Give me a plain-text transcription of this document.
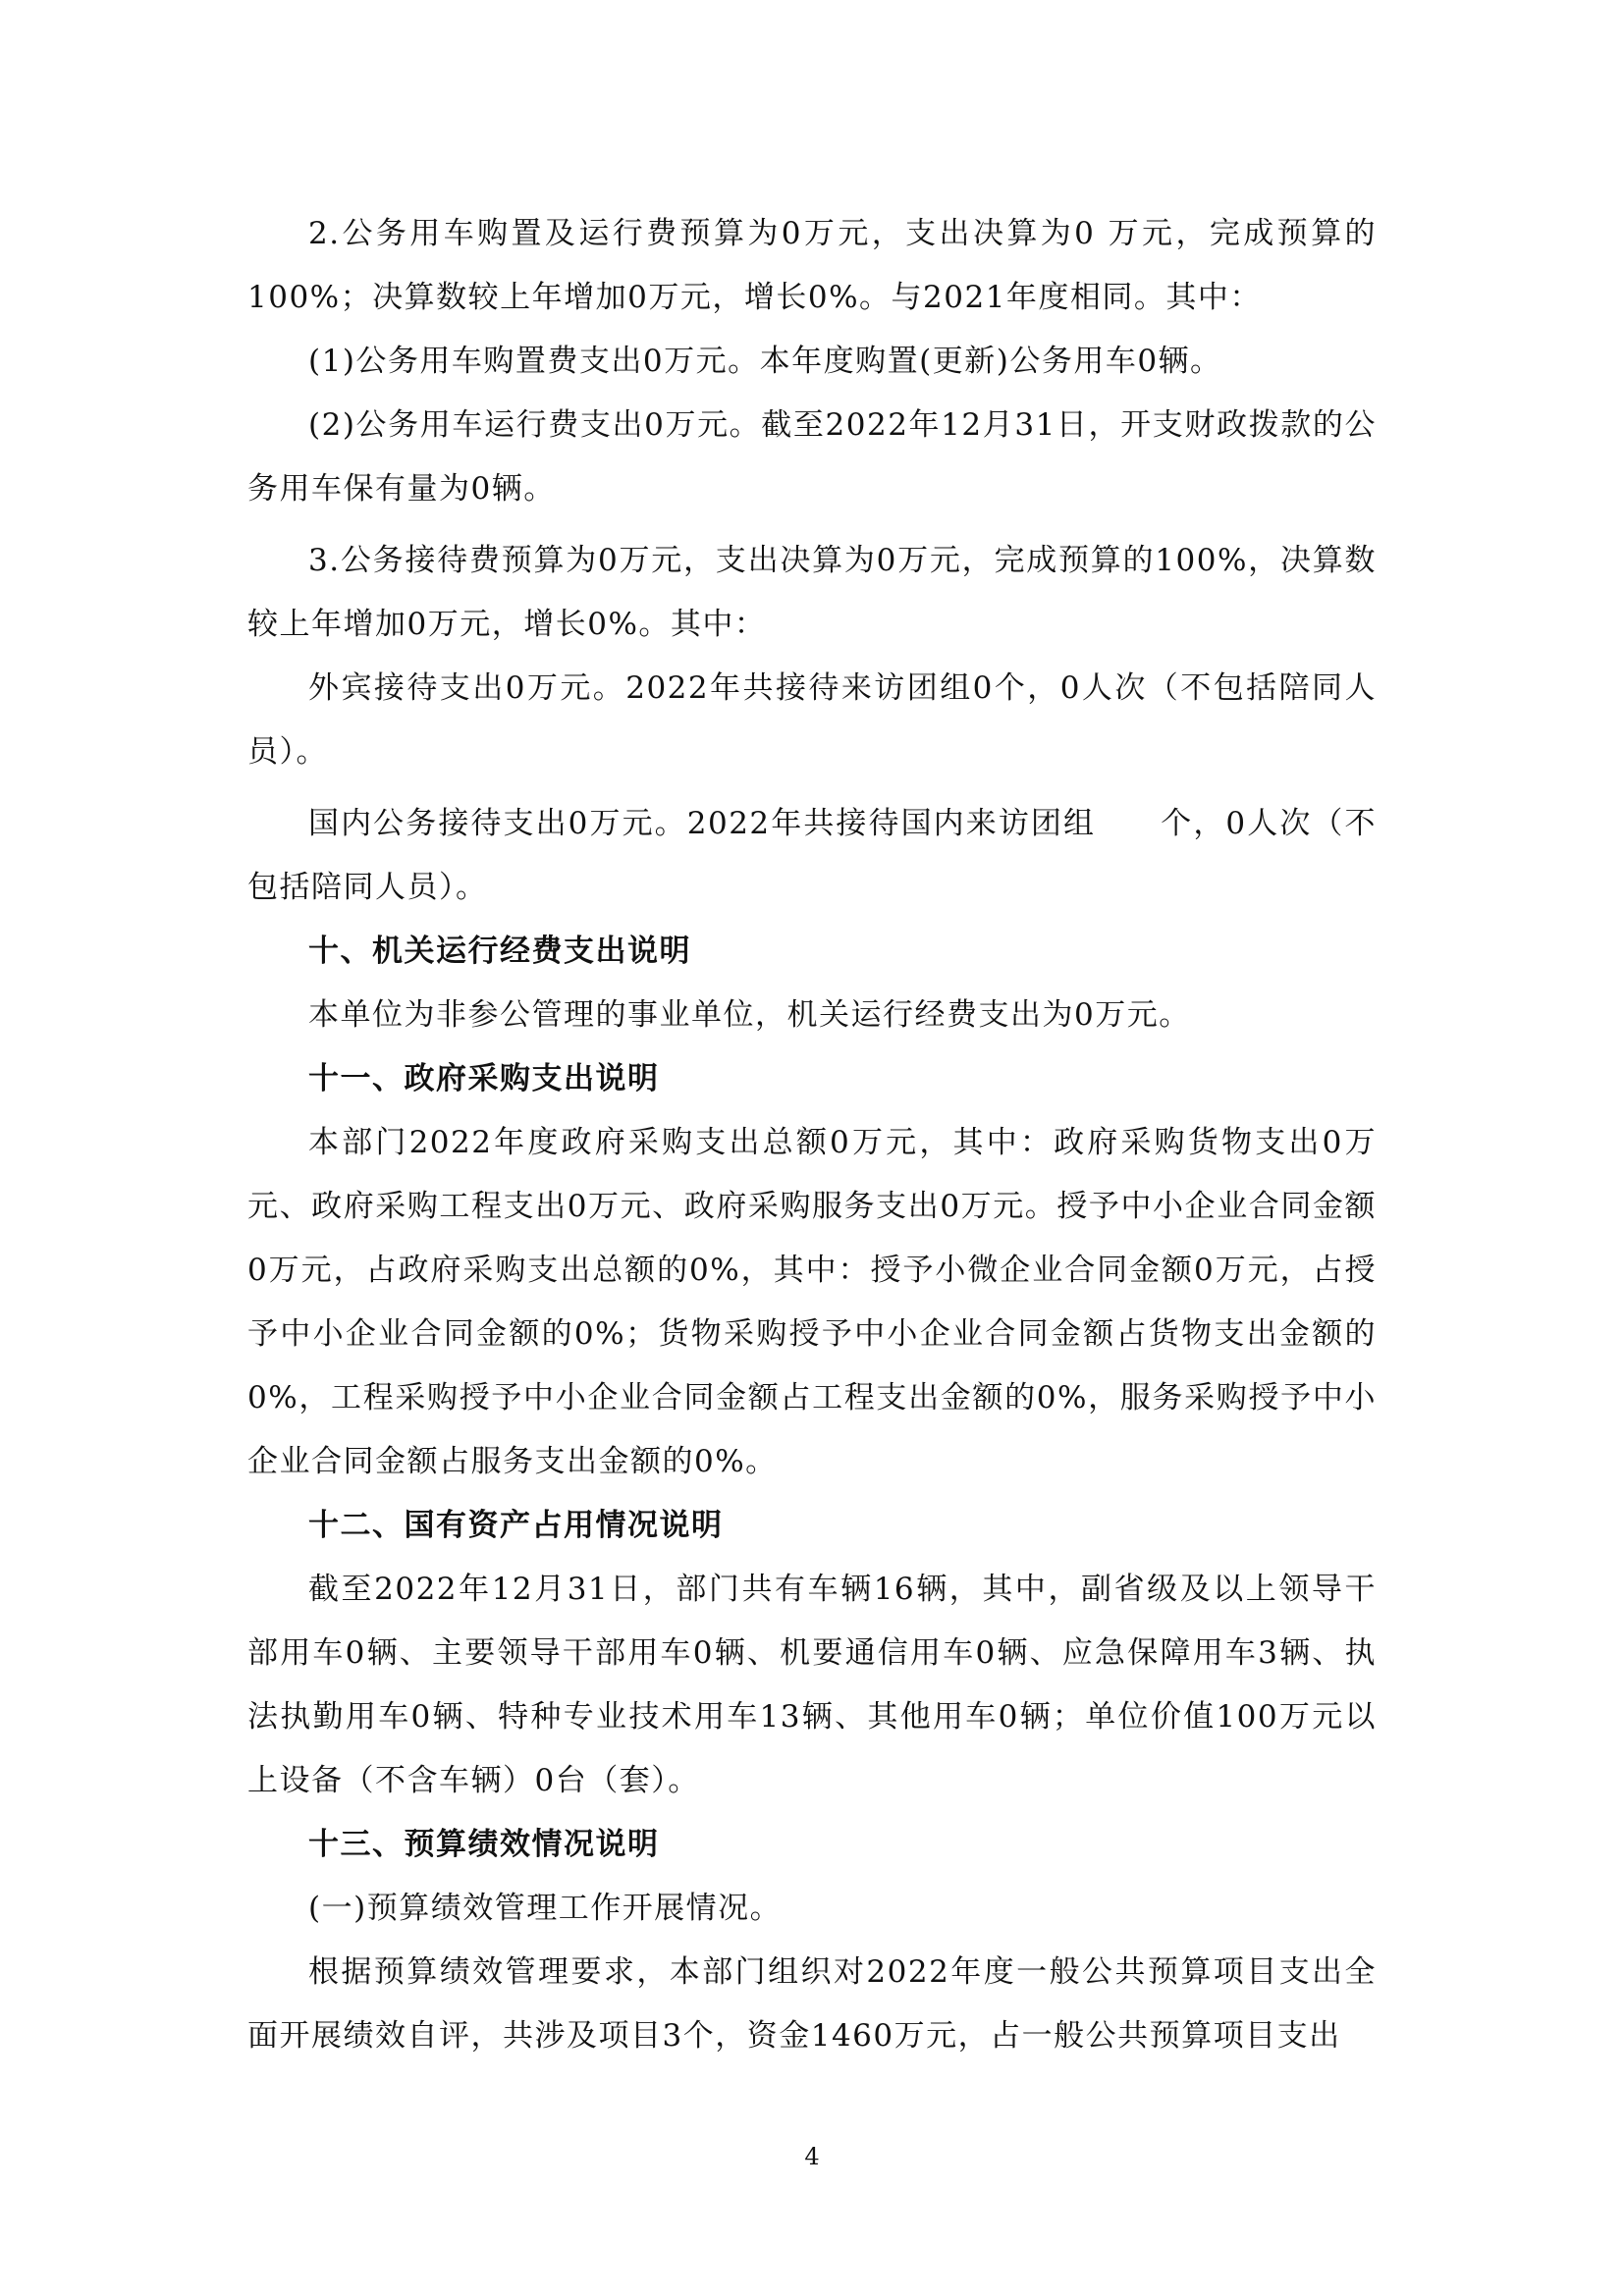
2.公务用车购置及运行费预算为0万元，支出决算为0 万元，完成预算的100%；决算数较上年增加0万元，增长0%。与2021年度相同。其中：

(1)公务用车购置费支出0万元。本年度购置(更新)公务用车0辆。

(2)公务用车运行费支出0万元。截至2022年12月31日，开支财政拨款的公务用车保有量为0辆。

3.公务接待费预算为0万元，支出决算为0万元，完成预算的100%，决算数较上年增加0万元，增长0%。其中：

外宾接待支出0万元。2022年共接待来访团组0个，0人次（不包括陪同人员）。

国内公务接待支出0万元。2022年共接待国内来访团组　　个，0人次（不包括陪同人员）。

十、机关运行经费支出说明

本单位为非参公管理的事业单位，机关运行经费支出为0万元。

十一、政府采购支出说明

本部门2022年度政府采购支出总额0万元，其中：政府采购货物支出0万元、政府采购工程支出0万元、政府采购服务支出0万元。授予中小企业合同金额0万元，占政府采购支出总额的0%，其中：授予小微企业合同金额0万元，占授予中小企业合同金额的0%；货物采购授予中小企业合同金额占货物支出金额的0%，工程采购授予中小企业合同金额占工程支出金额的0%，服务采购授予中小企业合同金额占服务支出金额的0%。

十二、国有资产占用情况说明

截至2022年12月31日，部门共有车辆16辆，其中，副省级及以上领导干部用车0辆、主要领导干部用车0辆、机要通信用车0辆、应急保障用车3辆、执法执勤用车0辆、特种专业技术用车13辆、其他用车0辆；单位价值100万元以上设备（不含车辆）0台（套）。

十三、预算绩效情况说明

(一)预算绩效管理工作开展情况。

根据预算绩效管理要求，本部门组织对2022年度一般公共预算项目支出全面开展绩效自评，共涉及项目3个，资金1460万元，占一般公共预算项目支出

4
